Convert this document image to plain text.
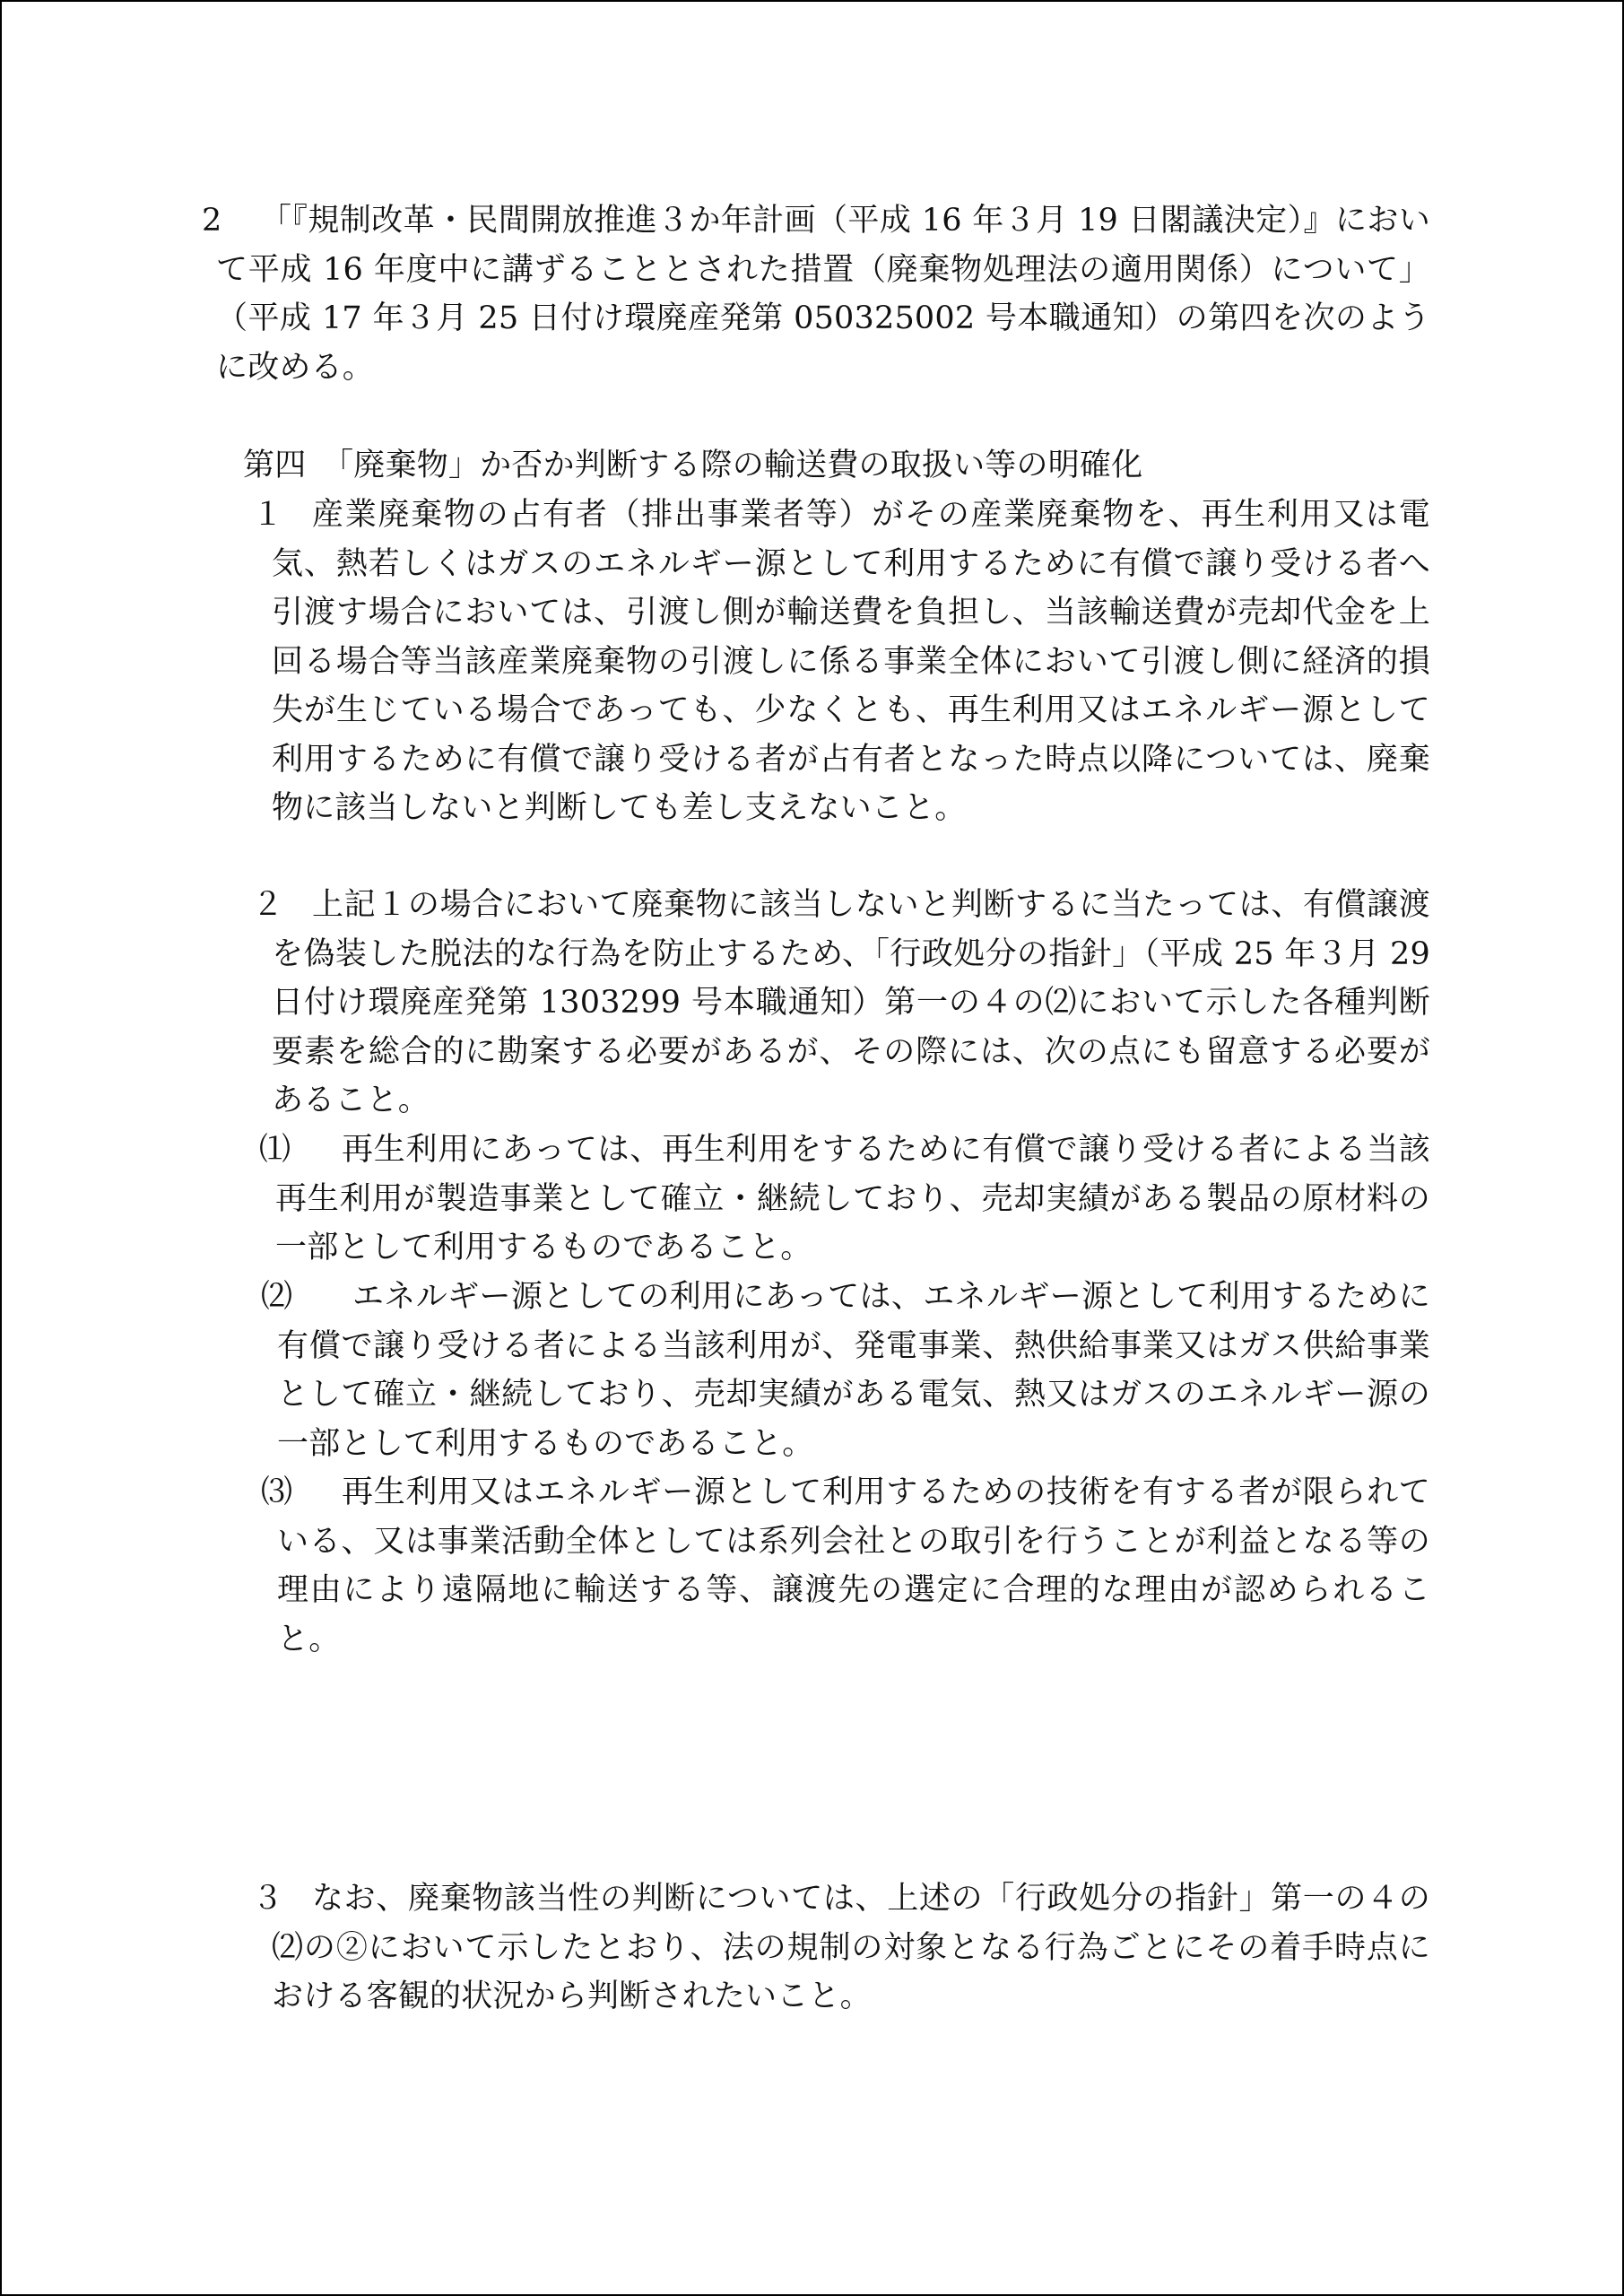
2	「『規制改革・民間開放推進３か年計画（平成 16 年３月 19 日閣議決定）』において平成 16 年度中に講ずることとされた措置（廃棄物処理法の適用関係）について」（平成 17 年３月 25 日付け環廃産発第 050325002 号本職通知）の第四を次のように改める。
第四　「廃棄物」か否か判断する際の輸送費の取扱い等の明確化
１ 産業廃棄物の占有者（排出事業者等）がその産業廃棄物を、再生利用又は電気、熱若しくはガスのエネルギー源として利用するために有償で譲り受ける者へ引渡す場合においては、引渡し側が輸送費を負担し、当該輸送費が売却代金を上回る場合等当該産業廃棄物の引渡しに係る事業全体において引渡し側に経済的損失が生じている場合であっても、少なくとも、再生利用又はエネルギー源として利用するために有償で譲り受ける者が占有者となった時点以降については、廃棄物に該当しないと判断しても差し支えないこと。
２ 上記１の場合において廃棄物に該当しないと判断するに当たっては、有償譲渡を偽装した脱法的な行為を防止するため、「行政処分の指針」（平成 25 年３月 29 日付け環廃産発第 1303299 号本職通知）第一の４の⑵において示した各種判断要素を総合的に勘案する必要があるが、その際には、次の点にも留意する必要があること。
⑴	再生利用にあっては、再生利用をするために有償で譲り受ける者による当該再生利用が製造事業として確立・継続しており、売却実績がある製品の原材料の一部として利用するものであること。
⑵	エネルギー源としての利用にあっては、エネルギー源として利用するために有償で譲り受ける者による当該利用が、発電事業、熱供給事業又はガス供給事業として確立・継続しており、売却実績がある電気、熱又はガスのエネルギー源の一部として利用するものであること。
⑶	再生利用又はエネルギー源として利用するための技術を有する者が限られている、又は事業活動全体としては系列会社との取引を行うことが利益となる等の理由により遠隔地に輸送する等、譲渡先の選定に合理的な理由が認められること。
３ なお、廃棄物該当性の判断については、上述の「行政処分の指針」第一の４の⑵の②において示したとおり、法の規制の対象となる行為ごとにその着手時点における客観的状況から判断されたいこと。
